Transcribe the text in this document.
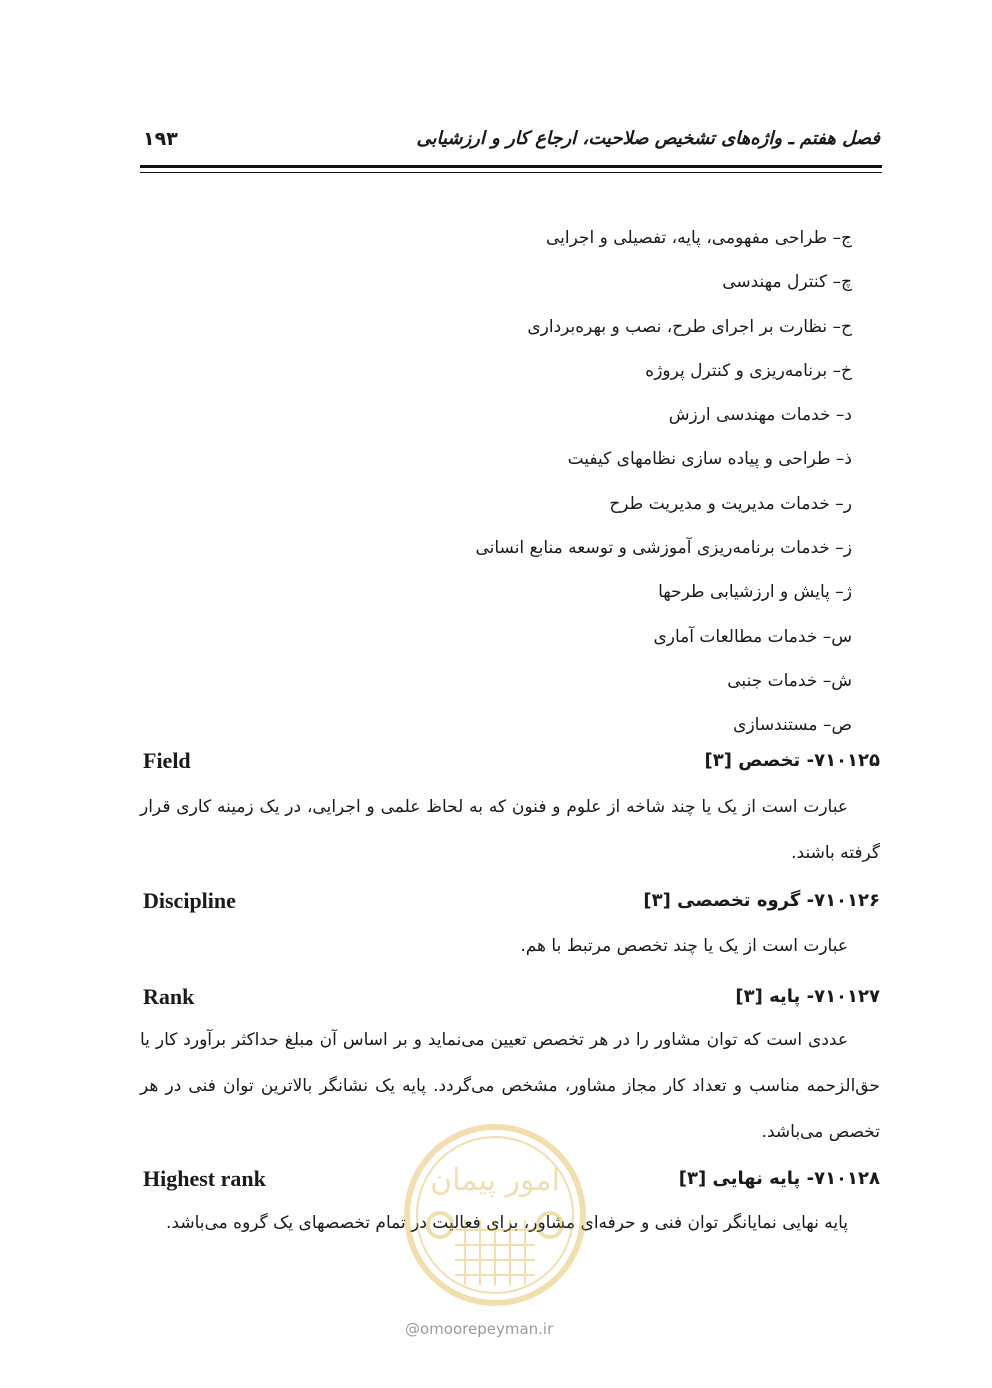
۱۹۳	فصل هفتم ـ واژه‌های تشخیص صلاحیت، ارجاع کار و ارزشیابی
ج– طراحی مفهومی، پایه، تفصیلی و اجرایی
چ– کنترل مهندسی
ح– نظارت بر اجرای طرح، نصب و بهره‌برداری
خ– برنامه‌ریزی و کنترل پروژه
د– خدمات مهندسی ارزش
ذ– طراحی و پیاده سازی نظامهای کیفیت
ر– خدمات مدیریت و مدیریت طرح
ز– خدمات برنامه‌ریزی آموزشی و توسعه منابع انسانی
ژ– پایش و ارزشیابی طرحها
س– خدمات مطالعات آماری
ش– خدمات جنبی
ص– مستندسازی
۷۱۰۱۲۵- تخصص [۳]
Field
عبارت است از یک یا چند شاخه از علوم و فنون که به لحاظ علمی و اجرایی، در یک زمینه کاری قرار گرفته باشند.
۷۱۰۱۲۶- گروه تخصصی [۳]
Discipline
عبارت است از یک یا چند تخصص مرتبط با هم.
۷۱۰۱۲۷- پایه [۳]
Rank
عددی است که توان مشاور را در هر تخصص تعیین می‌نماید و بر اساس آن مبلغ حداکثر برآورد کار یا حق‌الزحمه مناسب و تعداد کار مجاز مشاور، مشخص می‌گردد. پایه یک نشانگر بالاترین توان فنی در هر تخصص می‌باشد.
۷۱۰۱۲۸- پایه نهایی [۳]
Highest rank
پایه نهایی نمایانگر توان فنی و حرفه‌ای مشاور، برای فعالیت در تمام تخصصهای یک گروه می‌باشد.
امور پیمان
@omoorepeyman.ir
